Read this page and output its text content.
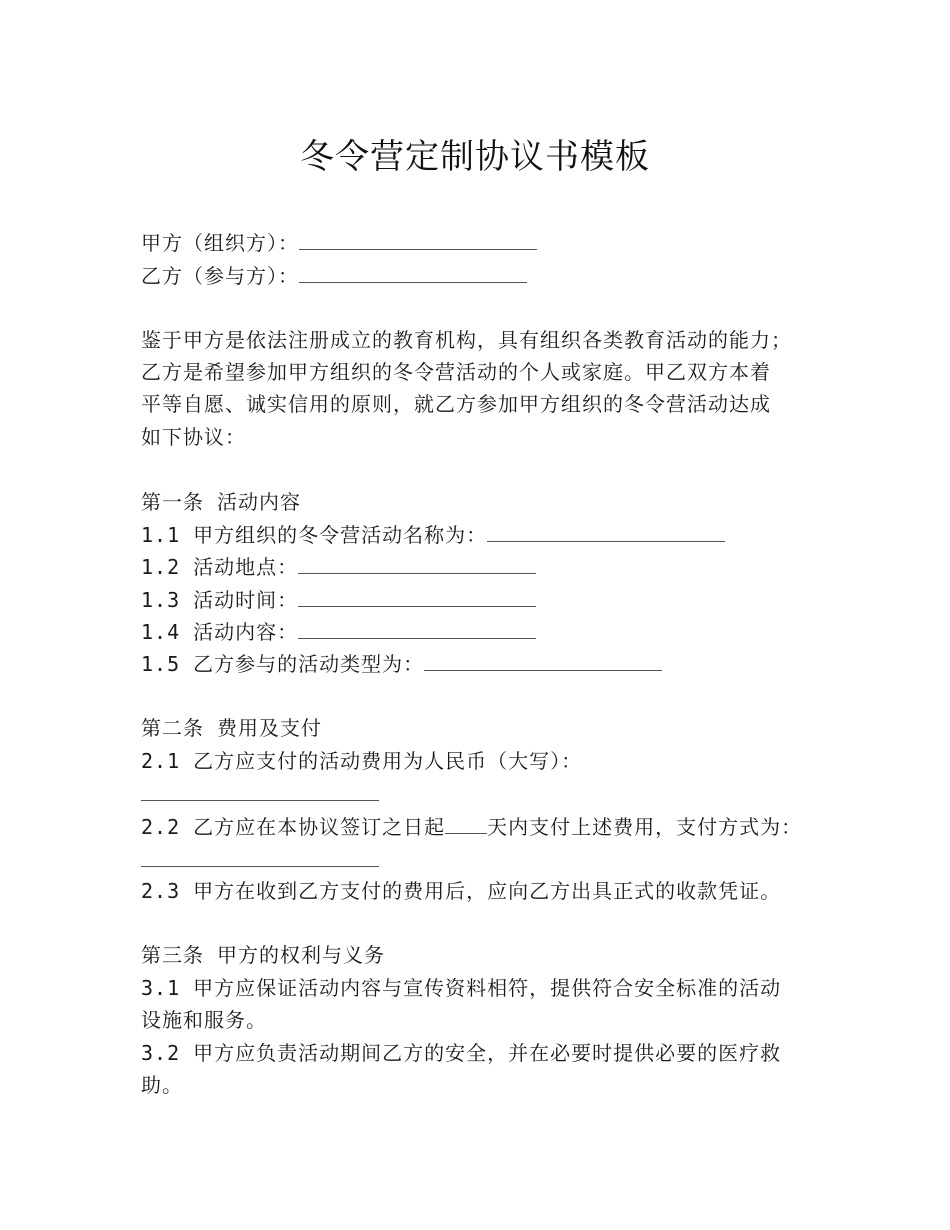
冬令营定制协议书模板
甲方（组织方）：
乙方（参与方）：
鉴于甲方是依法注册成立的教育机构，具有组织各类教育活动的能力；
乙方是希望参加甲方组织的冬令营活动的个人或家庭。甲乙双方本着
平等自愿、诚实信用的原则，就乙方参加甲方组织的冬令营活动达成
如下协议：
第一条 活动内容
1.1 甲方组织的冬令营活动名称为：
1.2 活动地点：
1.3 活动时间：
1.4 活动内容：
1.5 乙方参与的活动类型为：
第二条 费用及支付
2.1 乙方应支付的活动费用为人民币（大写）：
2.2 乙方应在本协议签订之日起 天内支付上述费用，支付方式为：
2.3 甲方在收到乙方支付的费用后，应向乙方出具正式的收款凭证。
第三条 甲方的权利与义务
3.1 甲方应保证活动内容与宣传资料相符，提供符合安全标准的活动
设施和服务。
3.2 甲方应负责活动期间乙方的安全，并在必要时提供必要的医疗救
助。
